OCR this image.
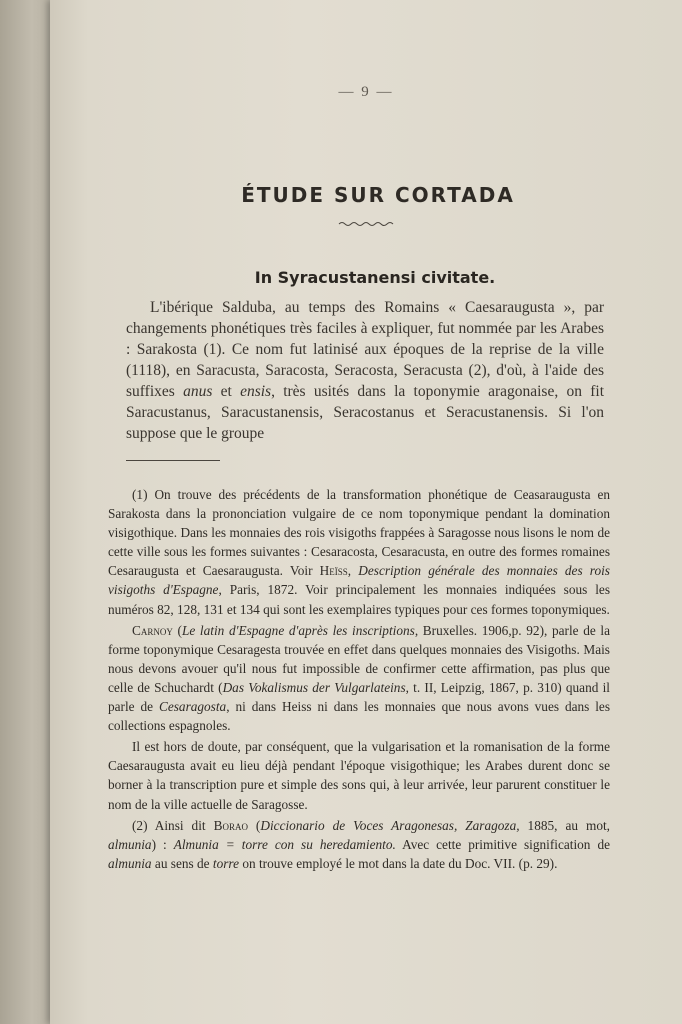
— 9 —
ÉTUDE SUR CORTADA
In Syracustanensi civitate.

L'ibérique Salduba, au temps des Romains « Caesaraugusta », par changements phonétiques très faciles à expliquer, fut nommée par les Arabes : Sarakosta (1). Ce nom fut latinisé aux époques de la reprise de la ville (1118), en Saracusta, Saracosta, Seracosta, Seracusta (2), d'où, à l'aide des suffixes anus et ensis, très usités dans la toponymie aragonaise, on fit Saracustanus, Saracustanensis, Seracostanus et Seracustanensis. Si l'on suppose que le groupe

(1) On trouve des précédents de la transformation phonétique de Ceasaraugusta en Sarakosta dans la prononciation vulgaire de ce nom toponymique pendant la domination visigothique. Dans les monnaies des rois visigoths frappées à Saragosse nous lisons le nom de cette ville sous les formes suivantes : Cesaracosta, Cesaracusta, en outre des formes romaines Cesaraugusta et Caesaraugusta. Voir Heïss, Description générale des monnaies des rois visigoths d'Espagne, Paris, 1872. Voir principalement les monnaies indiquées sous les numéros 82, 128, 131 et 134 qui sont les exemplaires typiques pour ces formes toponymiques.

Carnoy (Le latin d'Espagne d'après les inscriptions, Bruxelles. 1906,p. 92), parle de la forme toponymique Cesaragesta trouvée en effet dans quelques monnaies des Visigoths. Mais nous devons avouer qu'il nous fut impossible de confirmer cette affirmation, pas plus que celle de Schuchardt (Das Vokalismus der Vulgarlateins, t. II, Leipzig, 1867, p. 310) quand il parle de Cesaragosta, ni dans Heiss ni dans les monnaies que nous avons vues dans les collections espagnoles.

Il est hors de doute, par conséquent, que la vulgarisation et la romanisation de la forme Caesaraugusta avait eu lieu déjà pendant l'époque visigothique; les Arabes durent donc se borner à la transcription pure et simple des sons qui, à leur arrivée, leur parurent constituer le nom de la ville actuelle de Saragosse.

(2) Ainsi dit Borao (Diccionario de Voces Aragonesas, Zaragoza, 1885, au mot, almunia) : Almunia = torre con su heredamiento. Avec cette primitive signification de almunia au sens de torre on trouve employé le mot dans la date du Doc. VII. (p. 29).
